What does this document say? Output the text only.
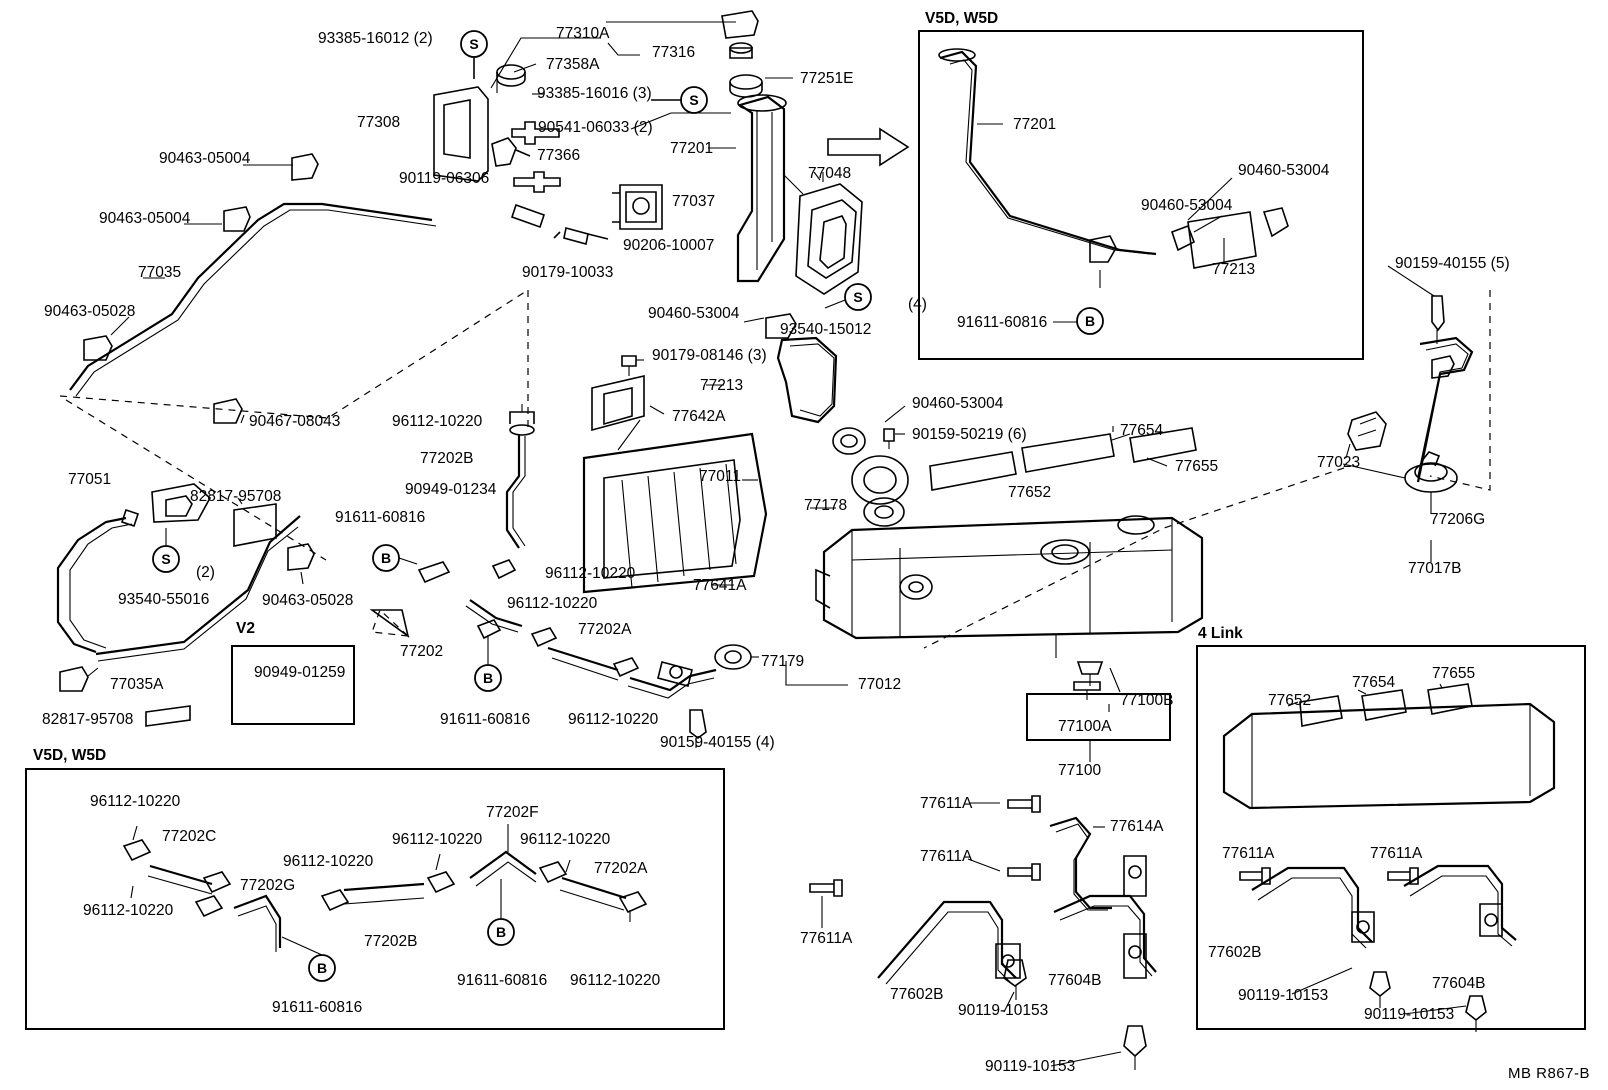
S
S
S	B
B
S
B
B
B
93385-16012 (2)	77310A
77316
77358A
77251E
93385-16016 (3)
77308	90541-06033 (2)
77201
77048
77366
90463-05004
90119-06306
77037
90463-05004
90206-10007
90179-10033
77035
90463-05028	90460-53004
93540-15012
(4)
90179-08146 (3)
77213
77642A
96112-10220
90467-08043
90460-53004
90159-50219 (6)	77654
77655	77023
77202B
77011
77652
77178
90949-01234
77051
82817-95708
91611-60816	77206G
77017B
96112-10220
(2)
77641A
93540-55016	90463-05028	96112-10220
V2	77202A
77202
90949-01259
77179
77012
77100B
77035A
77100A
82817-95708	91611-60816 96112-10220
90159-40155 (4)
77100
V5D, W5D
96112-10220
77202F
77202C	96112-10220 96112-10220
77611A
77614A
77611A
96112-10220	77202A
77202G
96112-10220
77202B	77611A
91611-60816 96112-10220
91611-60816
77602B
90119-10153
77604B
90119-10153
4 Link
77652
77654
77655
77611A	77611A
77602B
90119-10153
77604B
90119-10153
V5D, W5D
77201
90460-53004
90460-53004
77213
91611-60816
90159-40155 (5)
MB R867-B
